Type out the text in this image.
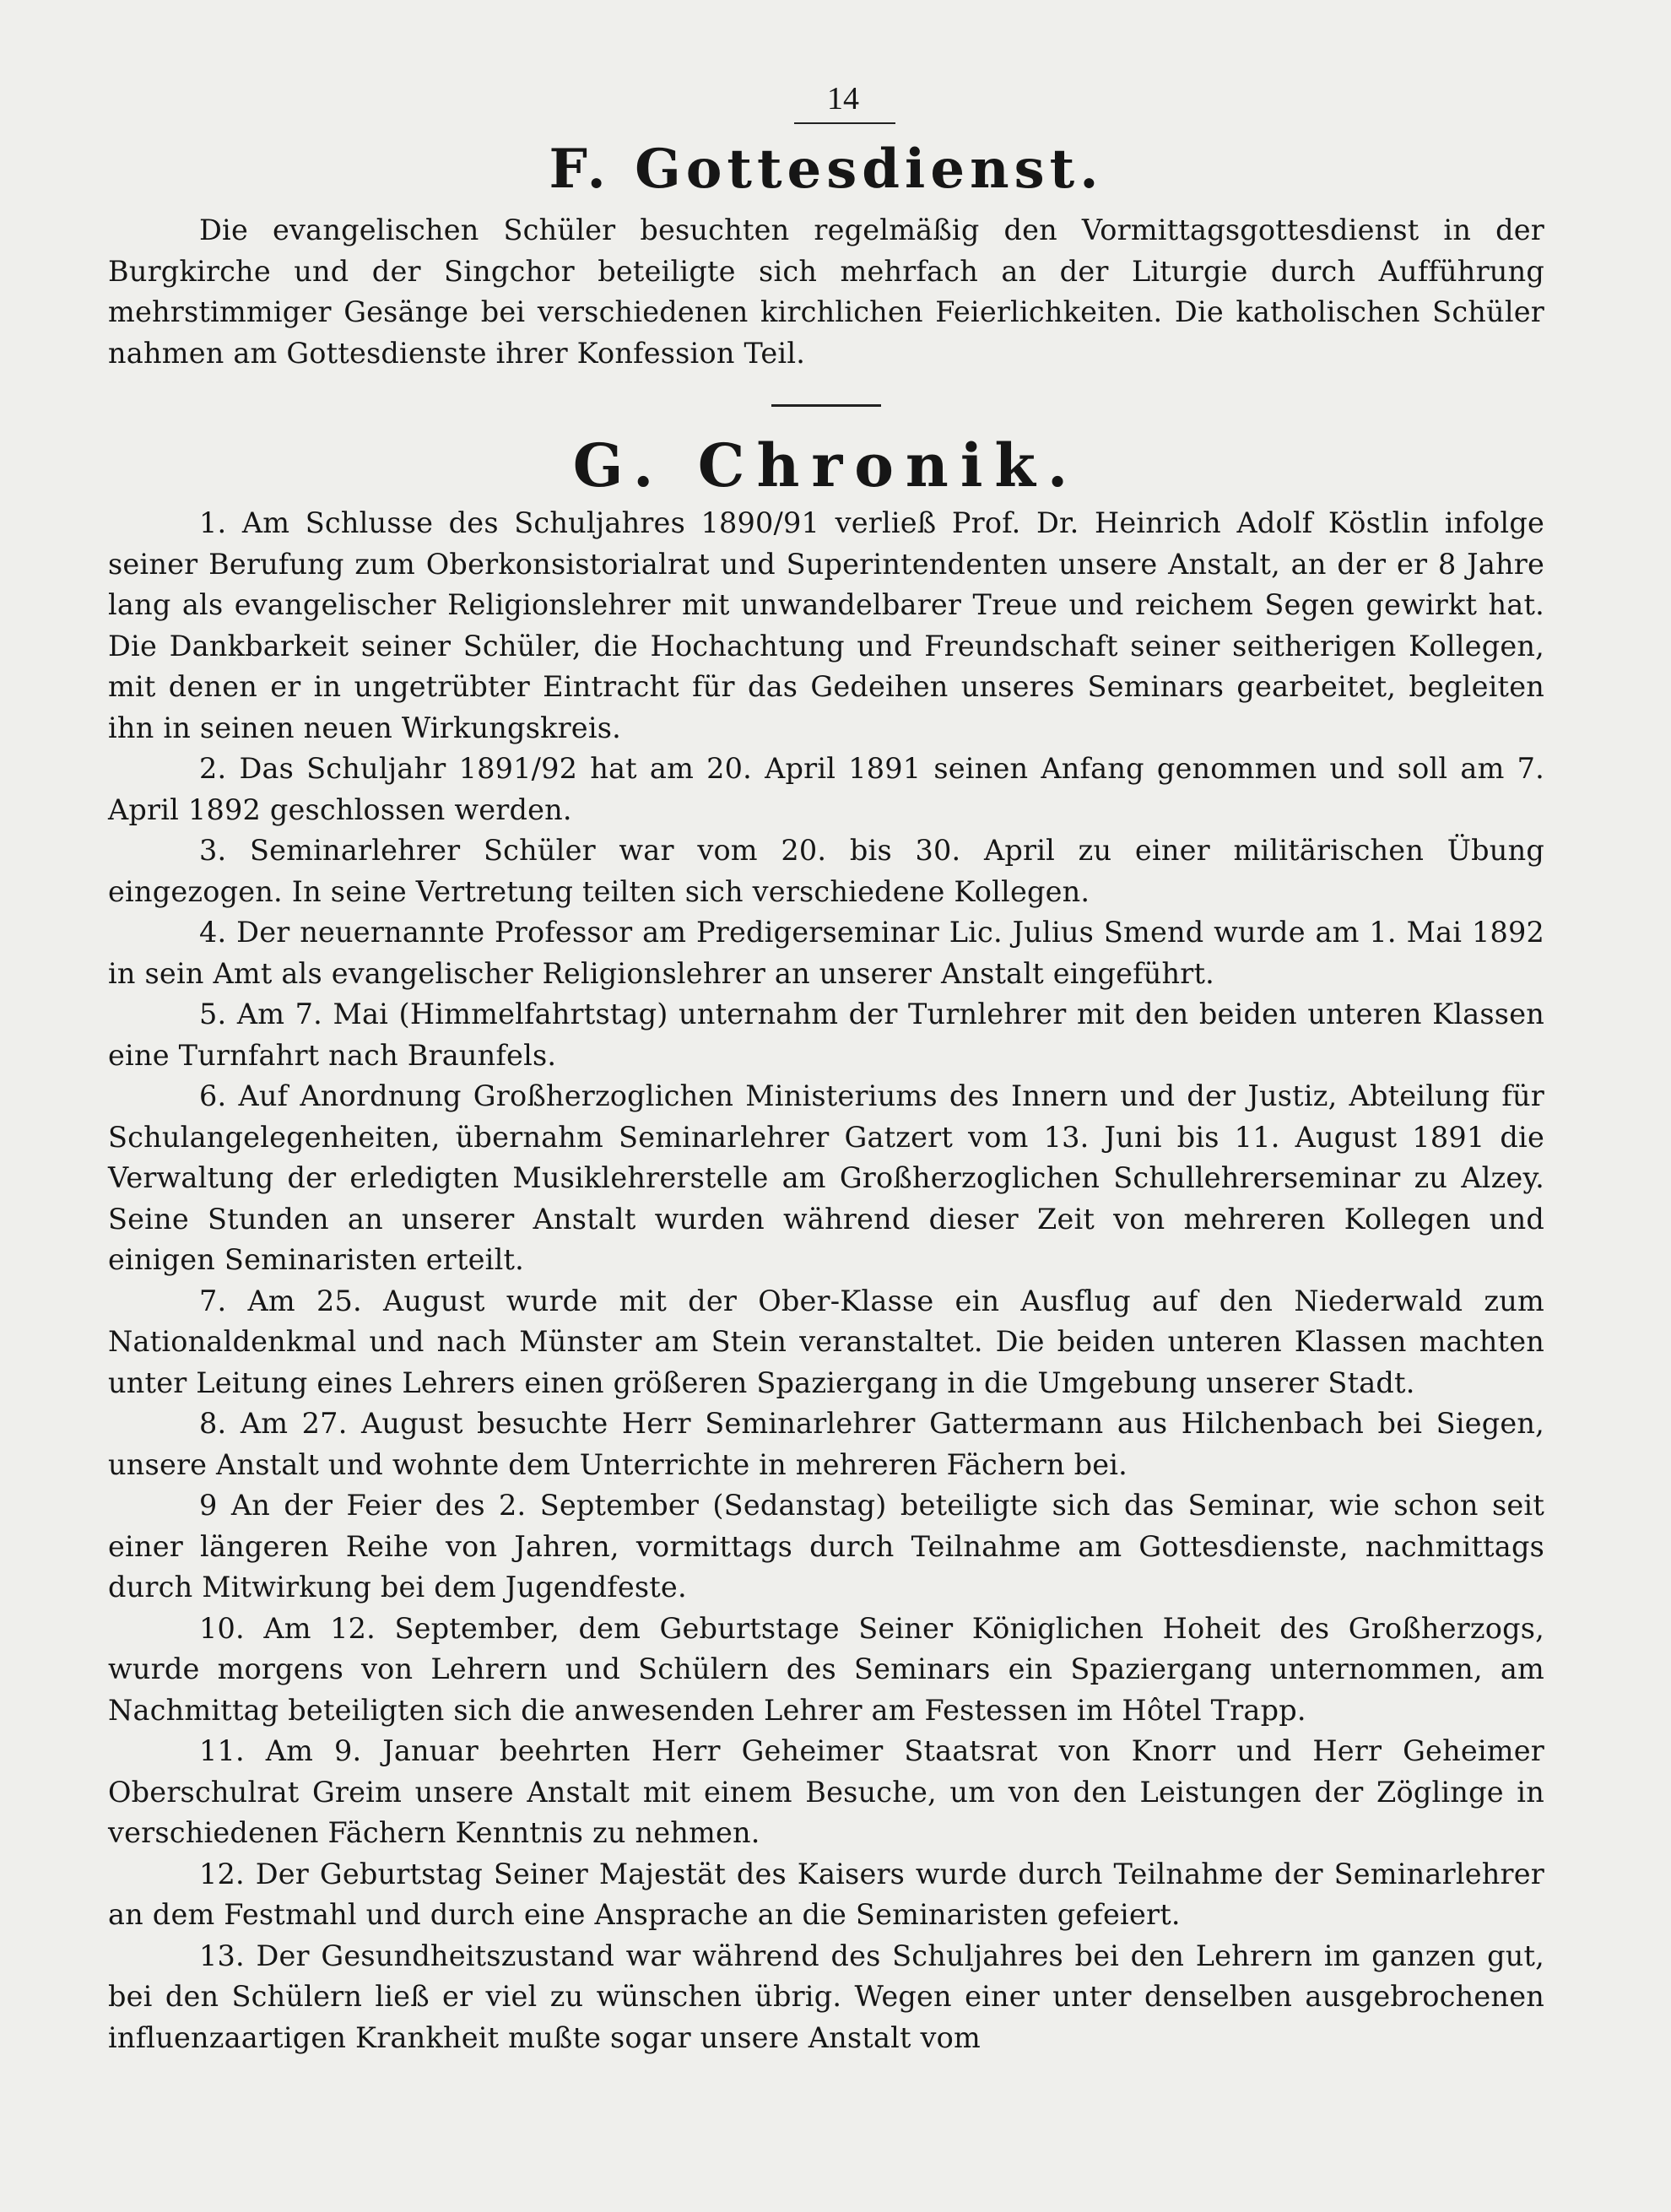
14
F. Gottesdienst.

Die evangelischen Schüler besuchten regelmäßig den Vormittagsgottesdienst in der Burgkirche und der Singchor beteiligte sich mehrfach an der Liturgie durch Aufführung mehrstimmiger Gesänge bei verschiedenen kirchlichen Feierlichkeiten. Die katholischen Schüler nahmen am Gottesdienste ihrer Konfession Teil.

G. Chronik.

1. Am Schlusse des Schuljahres 1890/91 verließ Prof. Dr. Heinrich Adolf Köstlin infolge seiner Berufung zum Oberkonsistorialrat und Superintendenten unsere Anstalt, an der er 8 Jahre lang als evangelischer Religionslehrer mit unwandelbarer Treue und reichem Segen gewirkt hat. Die Dankbarkeit seiner Schüler, die Hochachtung und Freundschaft seiner seitherigen Kollegen, mit denen er in ungetrübter Eintracht für das Gedeihen unseres Seminars gearbeitet, begleiten ihn in seinen neuen Wirkungskreis.

2. Das Schuljahr 1891/92 hat am 20. April 1891 seinen Anfang genommen und soll am 7. April 1892 geschlossen werden.

3. Seminarlehrer Schüler war vom 20. bis 30. April zu einer militärischen Übung eingezogen. In seine Vertretung teilten sich verschiedene Kollegen.

4. Der neuernannte Professor am Predigerseminar Lic. Julius Smend wurde am 1. Mai 1892 in sein Amt als evangelischer Religionslehrer an unserer Anstalt eingeführt.

5. Am 7. Mai (Himmelfahrtstag) unternahm der Turnlehrer mit den beiden unteren Klassen eine Turnfahrt nach Braunfels.

6. Auf Anordnung Großherzoglichen Ministeriums des Innern und der Justiz, Abteilung für Schulangelegenheiten, übernahm Seminarlehrer Gatzert vom 13. Juni bis 11. August 1891 die Verwaltung der erledigten Musiklehrerstelle am Großherzoglichen Schullehrerseminar zu Alzey. Seine Stunden an unserer Anstalt wurden während dieser Zeit von mehreren Kollegen und einigen Seminaristen erteilt.

7. Am 25. August wurde mit der Ober-Klasse ein Ausflug auf den Niederwald zum Nationaldenkmal und nach Münster am Stein veranstaltet. Die beiden unteren Klassen machten unter Leitung eines Lehrers einen größeren Spaziergang in die Umgebung unserer Stadt.

8. Am 27. August besuchte Herr Seminarlehrer Gattermann aus Hilchenbach bei Siegen, unsere Anstalt und wohnte dem Unterrichte in mehreren Fächern bei.

9 An der Feier des 2. September (Sedanstag) beteiligte sich das Seminar, wie schon seit einer längeren Reihe von Jahren, vormittags durch Teilnahme am Gottesdienste, nachmittags durch Mitwirkung bei dem Jugendfeste.

10. Am 12. September, dem Geburtstage Seiner Königlichen Hoheit des Großherzogs, wurde morgens von Lehrern und Schülern des Seminars ein Spaziergang unternommen, am Nachmittag beteiligten sich die anwesenden Lehrer am Festessen im Hôtel Trapp.

11. Am 9. Januar beehrten Herr Geheimer Staatsrat von Knorr und Herr Geheimer Oberschulrat Greim unsere Anstalt mit einem Besuche, um von den Leistungen der Zöglinge in verschiedenen Fächern Kenntnis zu nehmen.

12. Der Geburtstag Seiner Majestät des Kaisers wurde durch Teilnahme der Seminarlehrer an dem Festmahl und durch eine Ansprache an die Seminaristen gefeiert.

13. Der Gesundheitszustand war während des Schuljahres bei den Lehrern im ganzen gut, bei den Schülern ließ er viel zu wünschen übrig. Wegen einer unter denselben ausgebrochenen influenzaartigen Krankheit mußte sogar unsere Anstalt vom
